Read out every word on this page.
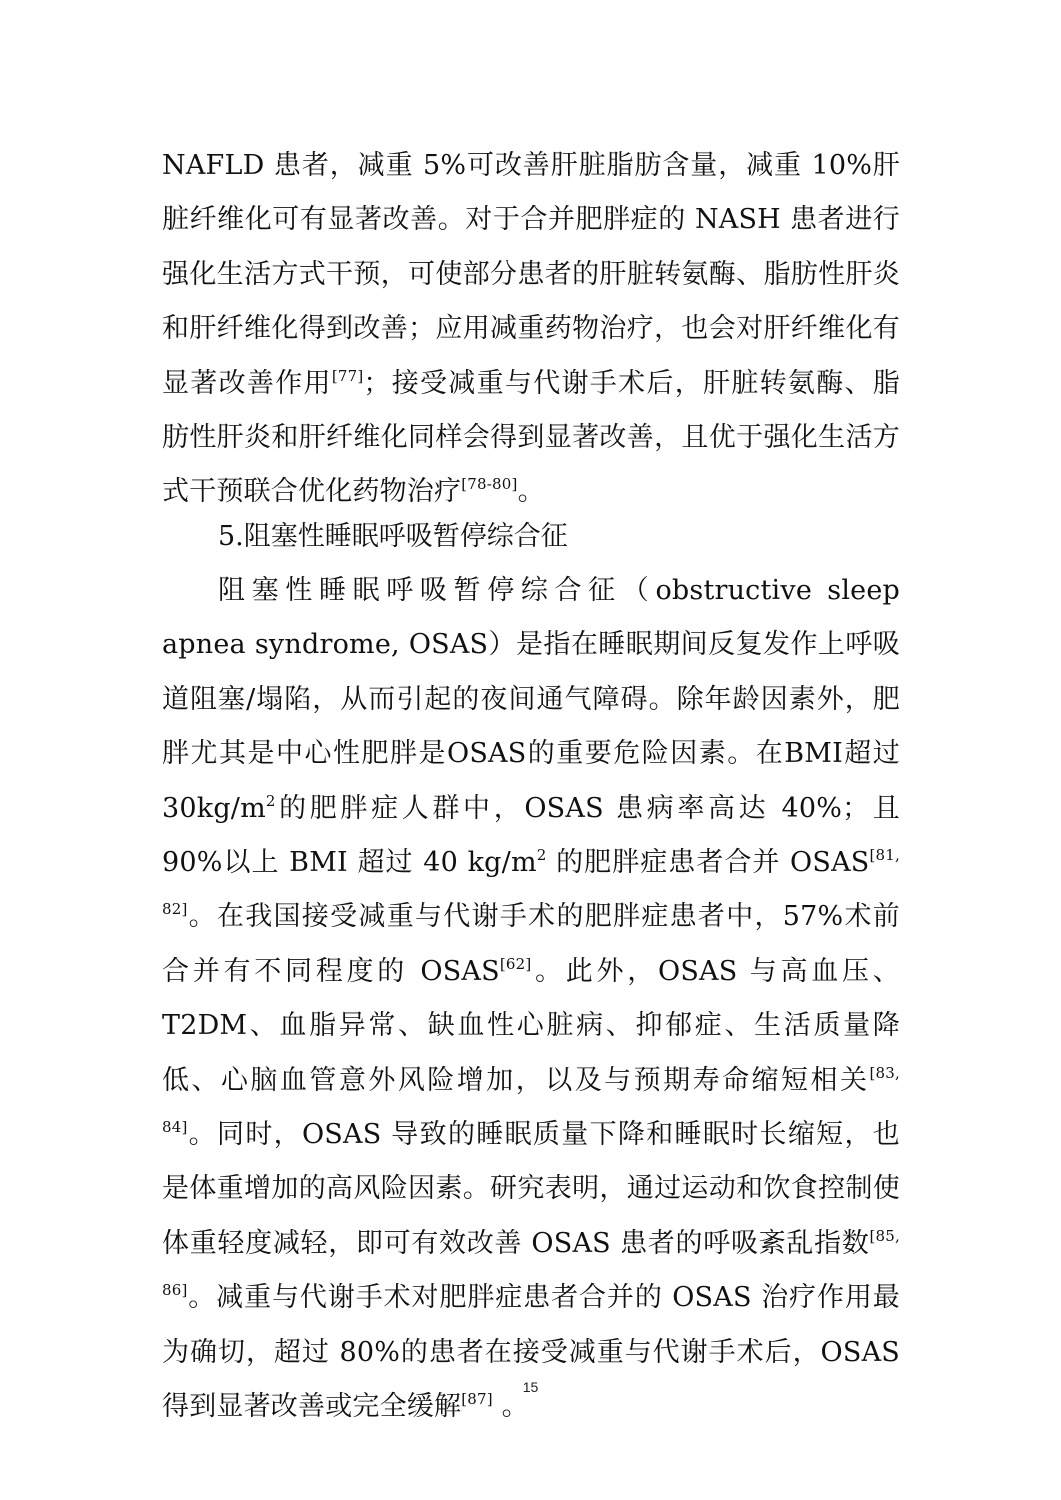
NAFLD 患者，减重 5%可改善肝脏脂肪含量，减重 10%肝脏纤维化可有显著改善。对于合并肥胖症的 NASH 患者进行强化生活方式干预，可使部分患者的肝脏转氨酶、脂肪性肝炎和肝纤维化得到改善；应用减重药物治疗，也会对肝纤维化有显著改善作用[77]；接受减重与代谢手术后，肝脏转氨酶、脂肪性肝炎和肝纤维化同样会得到显著改善，且优于强化生活方式干预联合优化药物治疗[78-80]。

5.阻塞性睡眠呼吸暂停综合征

阻塞性睡眠呼吸暂停综合征（obstructive sleep apnea syndrome, OSAS）是指在睡眠期间反复发作上呼吸道阻塞/塌陷，从而引起的夜间通气障碍。除年龄因素外，肥胖尤其是中心性肥胖是OSAS的重要危险因素。在BMI超过$30kg/m^2$的肥胖症人群中，OSAS 患病率高达 40%；且 90%以上 BMI 超过 40 $kg/m^2$ 的肥胖症患者合并 OSAS[81, 82]。在我国接受减重与代谢手术的肥胖症患者中，57%术前合并有不同程度的 OSAS[62]。此外，OSAS 与高血压、T2DM、血脂异常、缺血性心脏病、抑郁症、生活质量降低、心脑血管意外风险增加，以及与预期寿命缩短相关[83, 84]。同时，OSAS 导致的睡眠质量下降和睡眠时长缩短，也是体重增加的高风险因素。研究表明，通过运动和饮食控制使体重轻度减轻，即可有效改善 OSAS 患者的呼吸紊乱指数[85, 86]。减重与代谢手术对肥胖症患者合并的 OSAS 治疗作用最为确切，超过 80%的患者在接受减重与代谢手术后，OSAS 得到显著改善或完全缓解[87] 。

15
